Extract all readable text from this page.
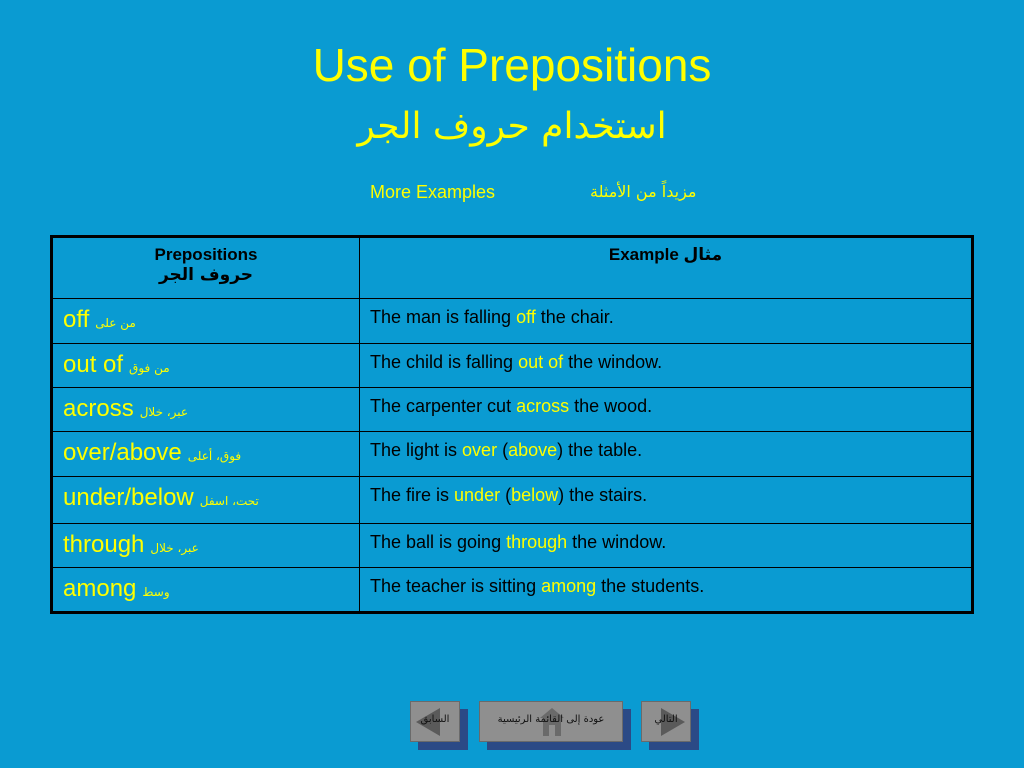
Use of Prepositions
استخدام حروف الجر
More Examples	مزيداً من الأمثلة
Prepositions
حروف الجر	Example مثال
off من على	The man is falling off the chair.
out of من فوق	The child is falling out of the window.
across عبر، خلال	The carpenter cut across the wood.
over/above فوق، أعلى	The light is over (above) the table.
under/below تحت، اسفل	The fire is under (below) the stairs.
through عبر، خلال	The ball is going through the window.
among وسط	The teacher is sitting among the students.
السابق	عودة إلى القائمة الرئيسية	التالي
